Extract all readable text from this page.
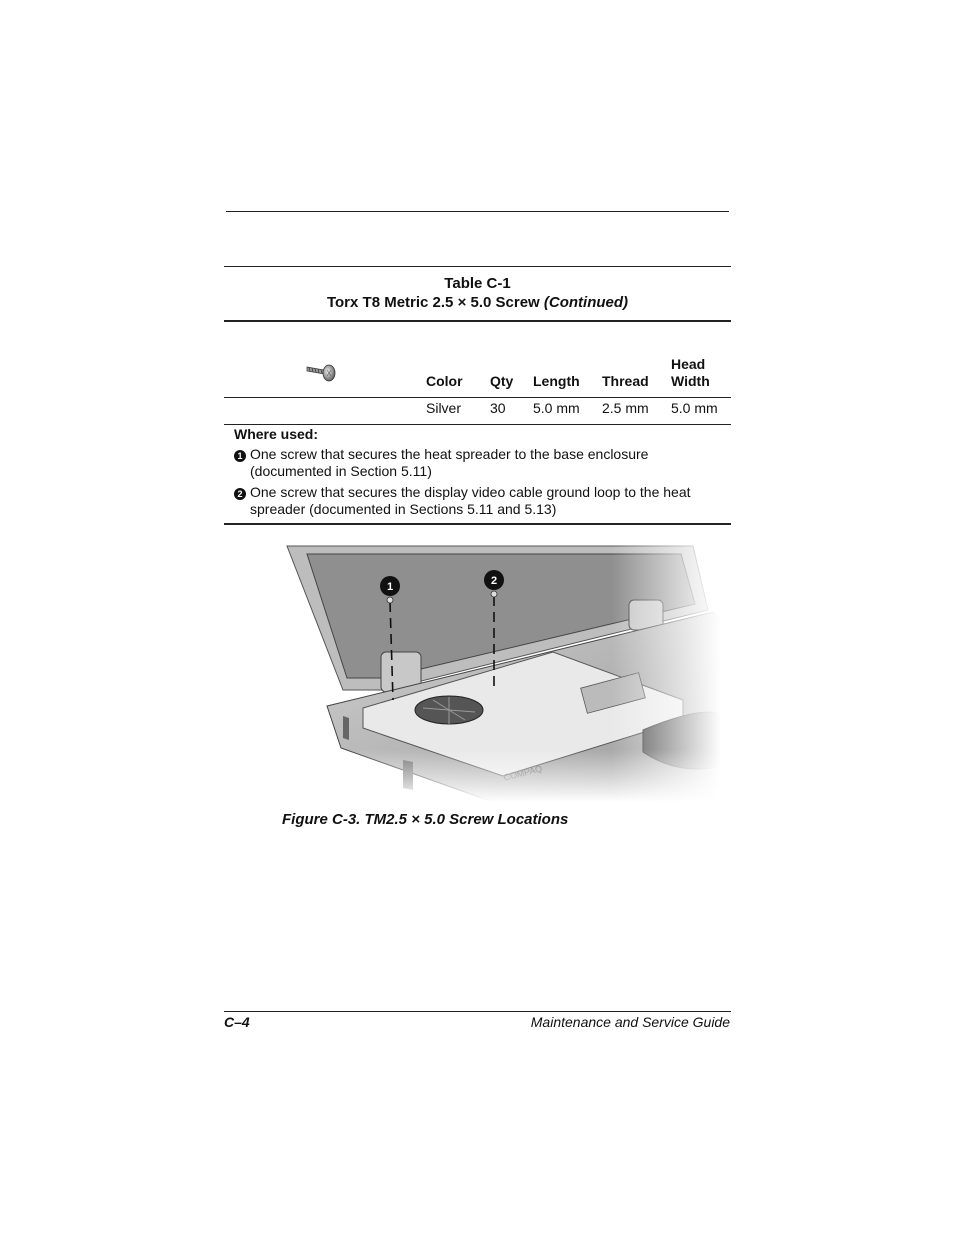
Table C-1
Torx T8 Metric 2.5 × 5.0 Screw (Continued)
Color Qty Length Thread
Head
Width
Silver 30 5.0 mm 2.5 mm 5.0 mm
Where used:
1 One screw that secures the heat spreader to the base enclosure
(documented in Section 5.11)
2 One screw that secures the display video cable ground loop to the heat
spreader (documented in Sections 5.11 and 5.13)
Figure C-3. TM2.5 × 5.0 Screw Locations
C–4	Maintenance and Service Guide
